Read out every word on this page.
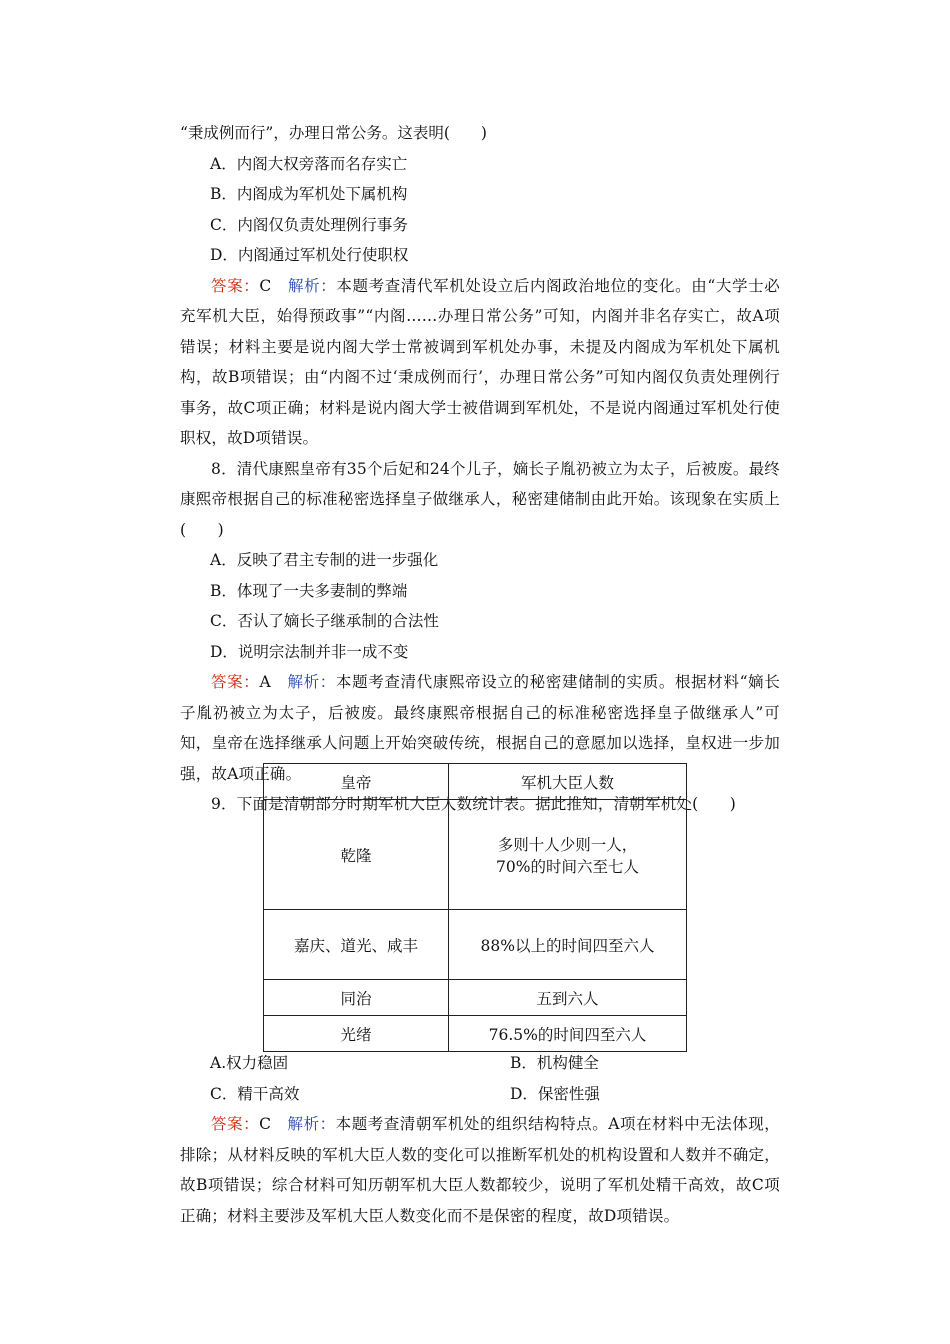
“秉成例而行”，办理日常公务。这表明(　　)
A．内阁大权旁落而名存实亡
B．内阁成为军机处下属机构
C．内阁仅负责处理例行事务
D．内阁通过军机处行使职权
答案：C　 解析：本题考查清代军机处设立后内阁政治地位的变化。由“大学士必充军机大臣，始得预政事”“内阁……办理日常公务”可知，内阁并非名存实亡，故A项错误；材料主要是说内阁大学士常被调到军机处办事，未提及内阁成为军机处下属机构，故B项错误；由“内阁不过‘秉成例而行’，办理日常公务”可知内阁仅负责处理例行事务，故C项正确；材料是说内阁大学士被借调到军机处，不是说内阁通过军机处行使职权，故D项错误。
8．清代康熙皇帝有35个后妃和24个儿子，嫡长子胤礽被立为太子，后被废。最终康熙帝根据自己的标准秘密选择皇子做继承人，秘密建储制由此开始。该现象在实质上(　　)
A．反映了君主专制的进一步强化
B．体现了一夫多妻制的弊端
C．否认了嫡长子继承制的合法性
D．说明宗法制并非一成不变
答案：A　 解析：本题考查清代康熙帝设立的秘密建储制的实质。根据材料“嫡长子胤礽被立为太子，后被废。最终康熙帝根据自己的标准秘密选择皇子做继承人”可知，皇帝在选择继承人问题上开始突破传统，根据自己的意愿加以选择，皇权进一步加强，故A项正确。
9．下面是清朝部分时期军机大臣人数统计表。据此推知，清朝军机处(　　)
皇帝	军机大臣人数
乾隆	多则十人少则一人，
70%的时间六至七人

嘉庆、道光、咸丰	88%以上的时间四至六人
同治	五到六人
光绪	76.5%的时间四至六人
A.权力稳固	B．机构健全
C．精干高效	D．保密性强
答案：C　 解析：本题考查清朝军机处的组织结构特点。A项在材料中无法体现，排除；从材料反映的军机大臣人数的变化可以推断军机处的机构设置和人数并不确定，故B项错误；综合材料可知历朝军机大臣人数都较少，说明了军机处精干高效，故C项正确；材料主要涉及军机大臣人数变化而不是保密的程度，故D项错误。
